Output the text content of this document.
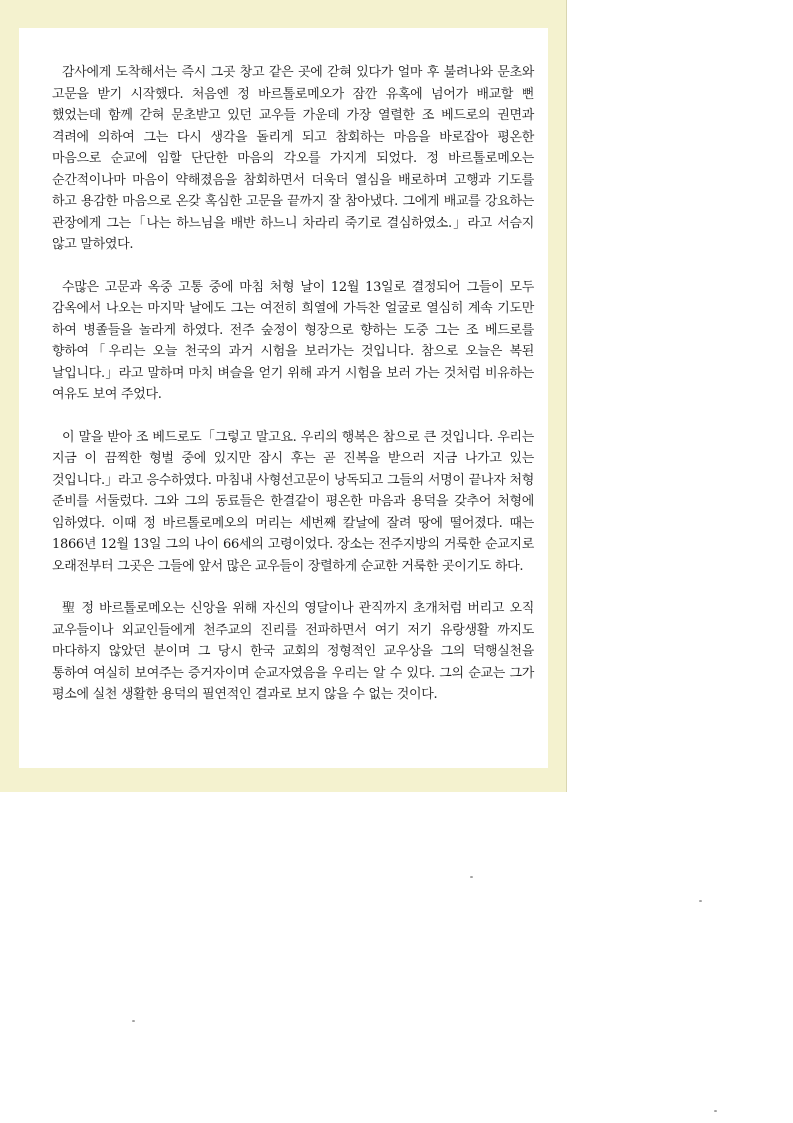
감사에게 도착해서는 즉시 그곳 창고 같은 곳에 갇혀 있다가 얼마 후 불려나와 문초와 고문을 받기 시작했다. 처음엔 정 바르톨로메오가 잠깐 유혹에 넘어가 배교할 뻔 했었는데 함께 갇혀 문초받고 있던 교우들 가운데 가장 열렬한 조 베드로의 권면과 격려에 의하여 그는 다시 생각을 돌리게 되고 참회하는 마음을 바로잡아 평온한 마음으로 순교에 임할 단단한 마음의 각오를 가지게 되었다. 정 바르톨로메오는 순간적이나마 마음이 약해졌음을 참회하면서 더욱더 열심을 배로하며 고행과 기도를 하고 용감한 마음으로 온갖 혹심한 고문을 끝까지 잘 참아냈다. 그에게 배교를 강요하는 관장에게 그는「나는 하느님을 배반 하느니 차라리 죽기로 결심하였소.」라고 서슴지 않고 말하였다.

수많은 고문과 옥중 고통 중에 마침 처형 날이 12월 13일로 결정되어 그들이 모두 감옥에서 나오는 마지막 날에도 그는 여전히 희열에 가득찬 얼굴로 열심히 계속 기도만 하여 병졸들을 놀라게 하였다. 전주 숲정이 형장으로 향하는 도중 그는 조 베드로를 향하여「우리는 오늘 천국의 과거 시험을 보러가는 것입니다. 참으로 오늘은 복된 날입니다.」라고 말하며 마치 벼슬을 얻기 위해 과거 시험을 보러 가는 것처럼 비유하는 여유도 보여 주었다.

이 말을 받아 조 베드로도「그렇고 말고요. 우리의 행복은 참으로 큰 것입니다. 우리는 지금 이 끔찍한 형벌 중에 있지만 잠시 후는 곧 진복을 받으러 지금 나가고 있는 것입니다.」라고 응수하였다. 마침내 사형선고문이 낭독되고 그들의 서명이 끝나자 처형 준비를 서둘렀다. 그와 그의 동료들은 한결같이 평온한 마음과 용덕을 갖추어 처형에 임하였다. 이때 정 바르톨로메오의 머리는 세번째 칼날에 잘려 땅에 떨어졌다. 때는 1866년 12월 13일 그의 나이 66세의 고령이었다. 장소는 전주지방의 거룩한 순교지로 오래전부터 그곳은 그들에 앞서 많은 교우들이 장렬하게 순교한 거룩한 곳이기도 하다.

聖 정 바르톨로메오는 신앙을 위해 자신의 영달이나 관직까지 초개처럼 버리고 오직 교우들이나 외교인들에게 천주교의 진리를 전파하면서 여기 저기 유랑생활 까지도 마다하지 않았던 분이며 그 당시 한국 교회의 정형적인 교우상을 그의 덕행실천을 통하여 여실히 보여주는 증거자이며 순교자였음을 우리는 알 수 있다. 그의 순교는 그가 평소에 실천 생활한 용덕의 필연적인 결과로 보지 않을 수 없는 것이다.
